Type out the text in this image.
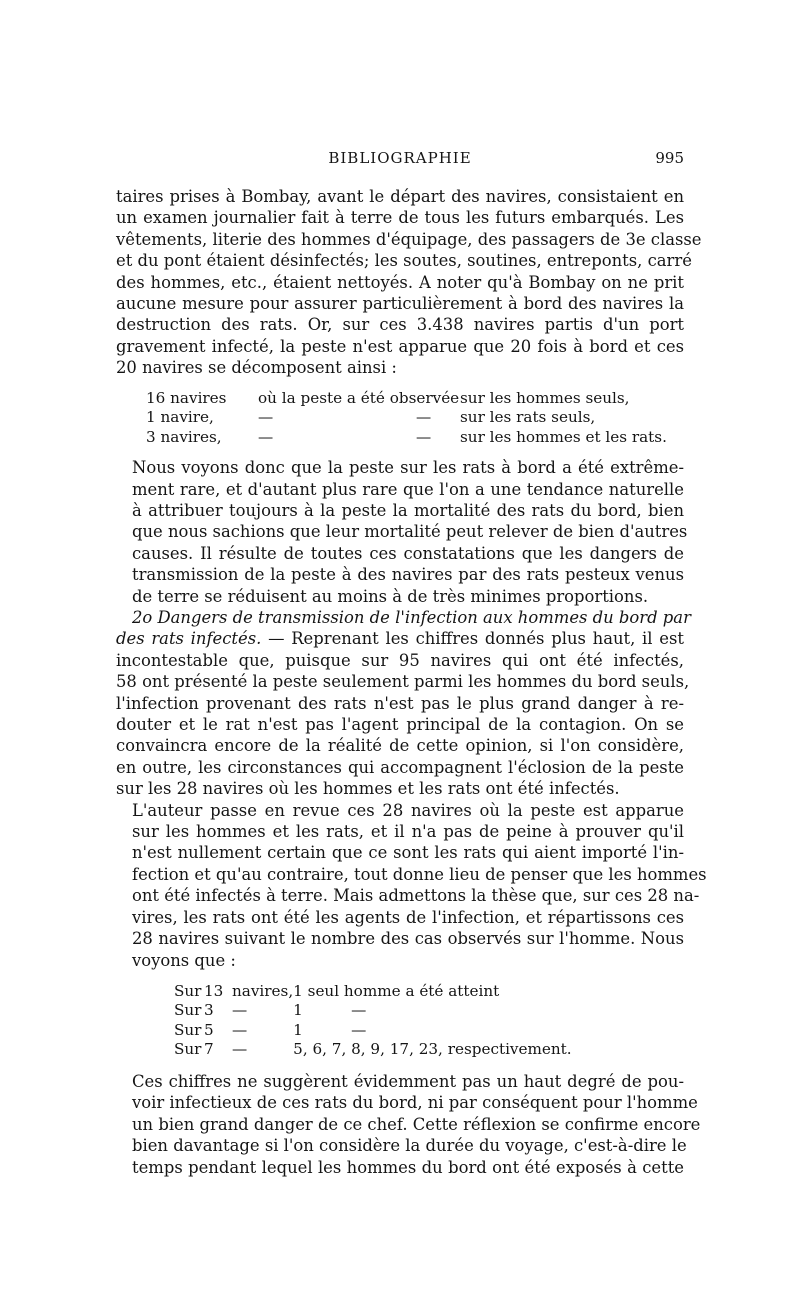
BIBLIOGRAPHIE	995

taires prises à Bombay, avant le départ des navires, consistaient en
un examen journalier fait à terre de tous les futurs embarqués. Les
vêtements, literie des hommes d'équipage, des passagers de 3e classe
et du pont étaient désinfectés; les soutes, soutines, entreponts, carré
des hommes, etc., étaient nettoyés. A noter qu'à Bombay on ne prit
aucune mesure pour assurer particulièrement à bord des navires la
destruction des rats. Or, sur ces 3.438 navires partis d'un port
gravement infecté, la peste n'est apparue que 20 fois à bord et ces
20 navires se décomposent ainsi :

16 navires	où la peste a été observée		sur les hommes seuls,
1 navire,	—	—	sur les rats seuls,
3 navires,	—	—	sur les hommes et les rats.

Nous voyons donc que la peste sur les rats à bord a été extrême-
ment rare, et d'autant plus rare que l'on a une tendance naturelle
à attribuer toujours à la peste la mortalité des rats du bord, bien
que nous sachions que leur mortalité peut relever de bien d'autres
causes. Il résulte de toutes ces constatations que les dangers de
transmission de la peste à des navires par des rats pesteux venus
de terre se réduisent au moins à de très minimes proportions.

2o Dangers de transmission de l'infection aux hommes du bord par
des rats infectés. — Reprenant les chiffres donnés plus haut, il est
incontestable que, puisque sur 95 navires qui ont été infectés,
58 ont présenté la peste seulement parmi les hommes du bord seuls,
l'infection provenant des rats n'est pas le plus grand danger à re-
douter et le rat n'est pas l'agent principal de la contagion. On se
convaincra encore de la réalité de cette opinion, si l'on considère,
en outre, les circonstances qui accompagnent l'éclosion de la peste
sur les 28 navires où les hommes et les rats ont été infectés.

L'auteur passe en revue ces 28 navires où la peste est apparue
sur les hommes et les rats, et il n'a pas de peine à prouver qu'il
n'est nullement certain que ce sont les rats qui aient importé l'in-
fection et qu'au contraire, tout donne lieu de penser que les hommes
ont été infectés à terre. Mais admettons la thèse que, sur ces 28 na-
vires, les rats ont été les agents de l'infection, et répartissons ces
28 navires suivant le nombre des cas observés sur l'homme. Nous
voyons que :

Sur	13	navires,	1 seul homme a été atteint
Sur	3	—	1          —
Sur	5	—	1          —
Sur	7	—	5, 6, 7, 8, 9, 17, 23, respectivement.

Ces chiffres ne suggèrent évidemment pas un haut degré de pou-
voir infectieux de ces rats du bord, ni par conséquent pour l'homme
un bien grand danger de ce chef. Cette réflexion se confirme encore
bien davantage si l'on considère la durée du voyage, c'est-à-dire le
temps pendant lequel les hommes du bord ont été exposés à cette
